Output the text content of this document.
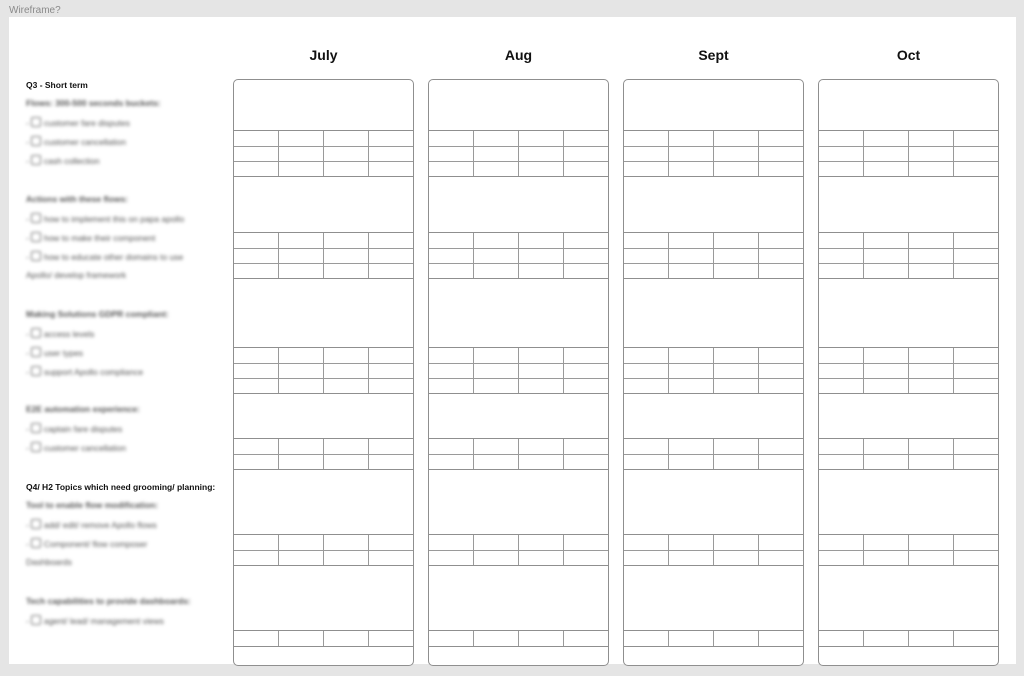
Wireframe?
July	Aug	Sept	Oct
Q3 - Short term
Flows: 300-500 seconds buckets:
- customer fare disputes
- customer cancellation
- cash collection
Actions with these flows:
- how to implement this on papa apollo
- how to make their component
- how to educate other domains to use
Apollo/ develop framework
Making Solutions GDPR compliant:
- access levels
- user types
- support Apollo compliance
E2E automation experience:
- captain fare disputes
- customer cancellation
Q4/ H2 Topics which need grooming/ planning:
Tool to enable flow modification:
- add/ edit/ remove Apollo flows
- Component/ flow composer
Dashboards
Tech capabilities to provide dashboards:
- agent/ lead/ management views
